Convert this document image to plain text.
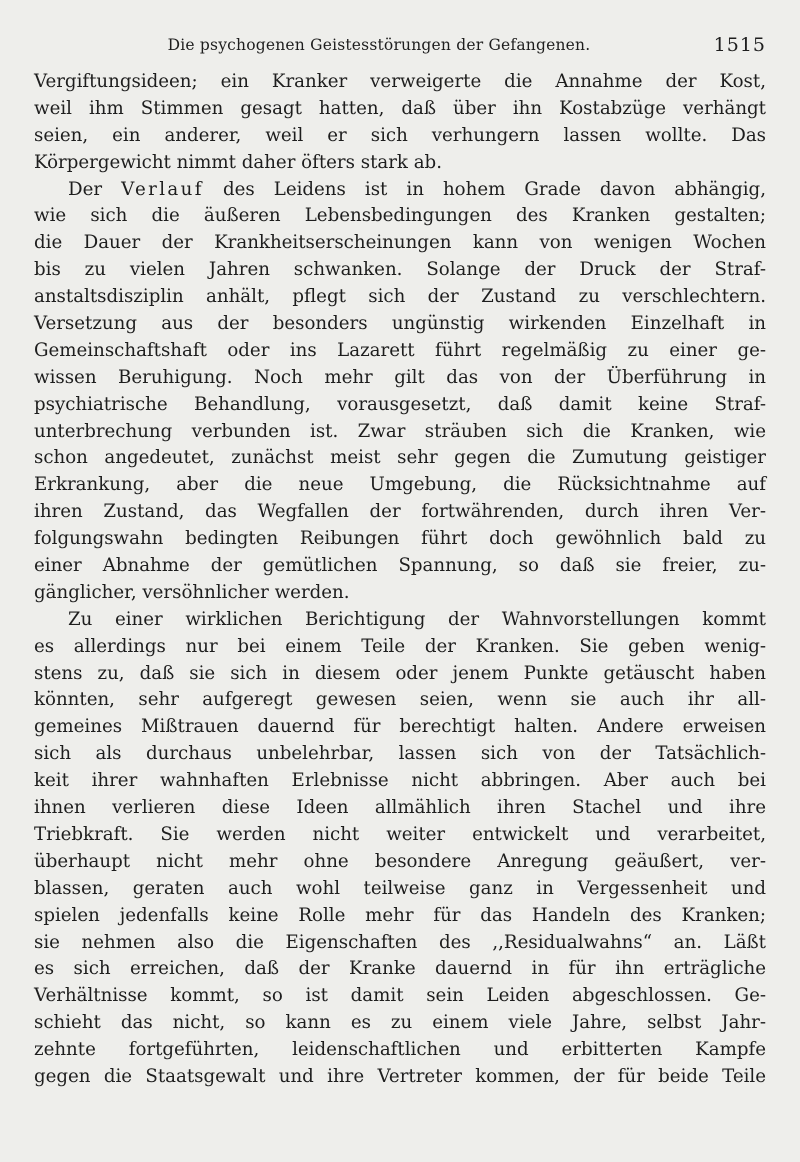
Die psychogenen Geistesstörungen der Gefangenen.	1515
Vergiftungsideen; ein Kranker verweigerte die Annahme der Kost,
weil ihm Stimmen gesagt hatten, daß über ihn Kostabzüge verhängt
seien, ein anderer, weil er sich verhungern lassen wollte. Das
Körpergewicht nimmt daher öfters stark ab.
Der Verlauf des Leidens ist in hohem Grade davon abhängig,
wie sich die äußeren Lebensbedingungen des Kranken gestalten;
die Dauer der Krankheitserscheinungen kann von wenigen Wochen
bis zu vielen Jahren schwanken. Solange der Druck der Straf-
anstaltsdisziplin anhält, pflegt sich der Zustand zu verschlechtern.
Versetzung aus der besonders ungünstig wirkenden Einzelhaft in
Gemeinschaftshaft oder ins Lazarett führt regelmäßig zu einer ge-
wissen Beruhigung. Noch mehr gilt das von der Überführung in
psychiatrische Behandlung, vorausgesetzt, daß damit keine Straf-
unterbrechung verbunden ist. Zwar sträuben sich die Kranken, wie
schon angedeutet, zunächst meist sehr gegen die Zumutung geistiger
Erkrankung, aber die neue Umgebung, die Rücksichtnahme auf
ihren Zustand, das Wegfallen der fortwährenden, durch ihren Ver-
folgungswahn bedingten Reibungen führt doch gewöhnlich bald zu
einer Abnahme der gemütlichen Spannung, so daß sie freier, zu-
gänglicher, versöhnlicher werden.
Zu einer wirklichen Berichtigung der Wahnvorstellungen kommt
es allerdings nur bei einem Teile der Kranken. Sie geben wenig-
stens zu, daß sie sich in diesem oder jenem Punkte getäuscht haben
könnten, sehr aufgeregt gewesen seien, wenn sie auch ihr all-
gemeines Mißtrauen dauernd für berechtigt halten. Andere erweisen
sich als durchaus unbelehrbar, lassen sich von der Tatsächlich-
keit ihrer wahnhaften Erlebnisse nicht abbringen. Aber auch bei
ihnen verlieren diese Ideen allmählich ihren Stachel und ihre
Triebkraft. Sie werden nicht weiter entwickelt und verarbeitet,
überhaupt nicht mehr ohne besondere Anregung geäußert, ver-
blassen, geraten auch wohl teilweise ganz in Vergessenheit und
spielen jedenfalls keine Rolle mehr für das Handeln des Kranken;
sie nehmen also die Eigenschaften des ,,Residualwahns“ an. Läßt
es sich erreichen, daß der Kranke dauernd in für ihn erträgliche
Verhältnisse kommt, so ist damit sein Leiden abgeschlossen. Ge-
schieht das nicht, so kann es zu einem viele Jahre, selbst Jahr-
zehnte fortgeführten, leidenschaftlichen und erbitterten Kampfe
gegen die Staatsgewalt und ihre Vertreter kommen, der für beide Teile
